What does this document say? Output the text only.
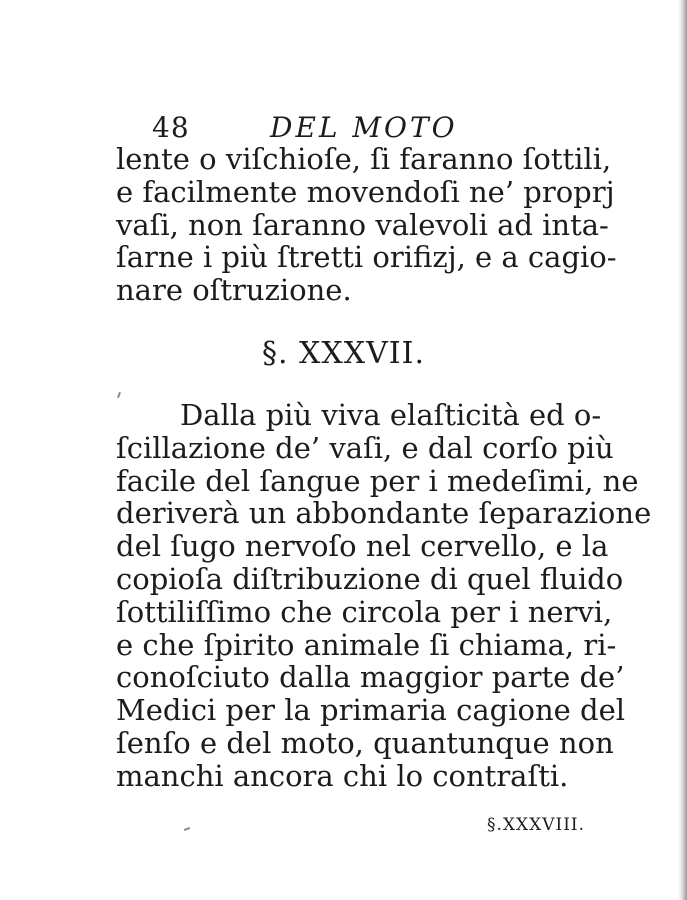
48	DEL MOTO
lente o viſchioſe, ſi faranno ſottili,
e facilmente movendoſi ne’ proprj
vaſi, non ſaranno valevoli ad inta-
ſarne i più ſtretti orifizj, e a cagio-
nare oſtruzione.
§. XXXVII.
Dalla più viva elaſticità ed o-
ſcillazione de’ vaſi, e dal corſo più
facile del ſangue per i medeſimi, ne
deriverà un abbondante ſeparazione
del ſugo nervoſo nel cervello, e la
copioſa diſtribuzione di quel fluido
ſottiliſſimo che circola per i nervi,
e che ſpirito animale ſi chiama, ri-
conoſciuto dalla maggior parte de’
Medici per la primaria cagione del
ſenſo e del moto, quantunque non
manchi ancora chi lo contraſti.
§.XXXVIII.
